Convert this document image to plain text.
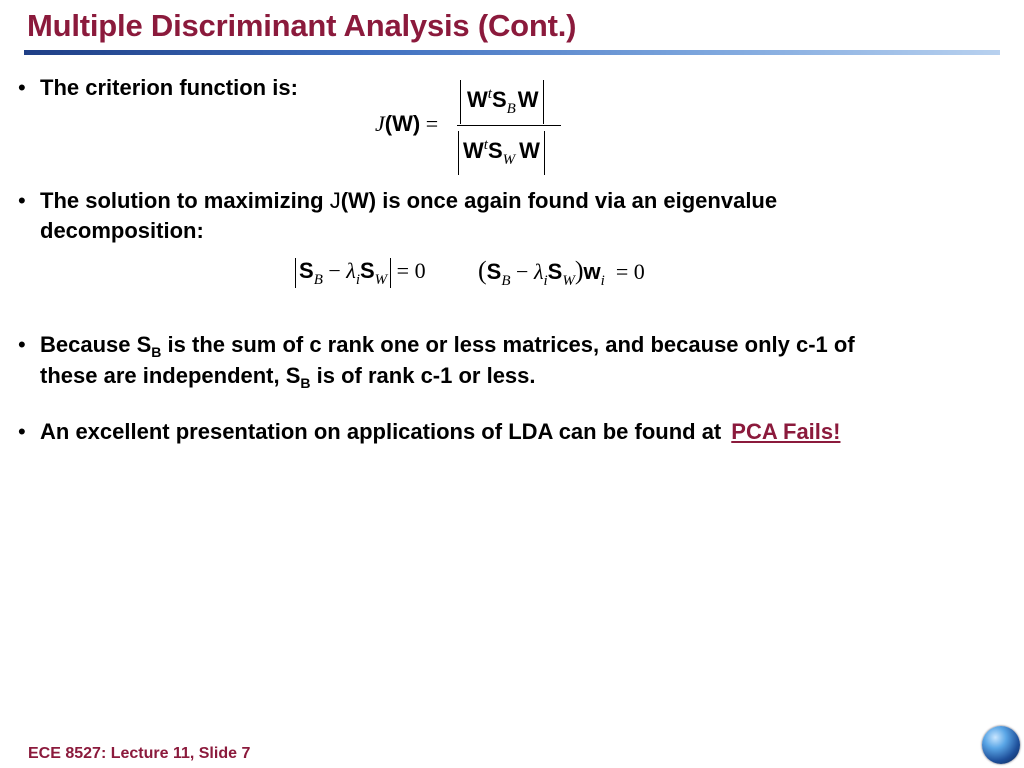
Multiple Discriminant Analysis (Cont.)
• The criterion function is:
J(W) =
$W^tS_BW$
$W^tS_W$ W
• The solution to maximizing J(W) is once again found via an eigenvalue
decomposition:
$S_B - \lambda_iS_W = 0$ $(S_B - \lambda_iS_W)w_i = 0$
• Because $S_B$ is the sum of c rank one or less matrices, and because only c-1 of
these are independent, $S_B$ is of rank c-1 or less.
• An excellent presentation on applications of LDA can be found at PCA Fails!
ECE 8527: Lecture 11, Slide 7
